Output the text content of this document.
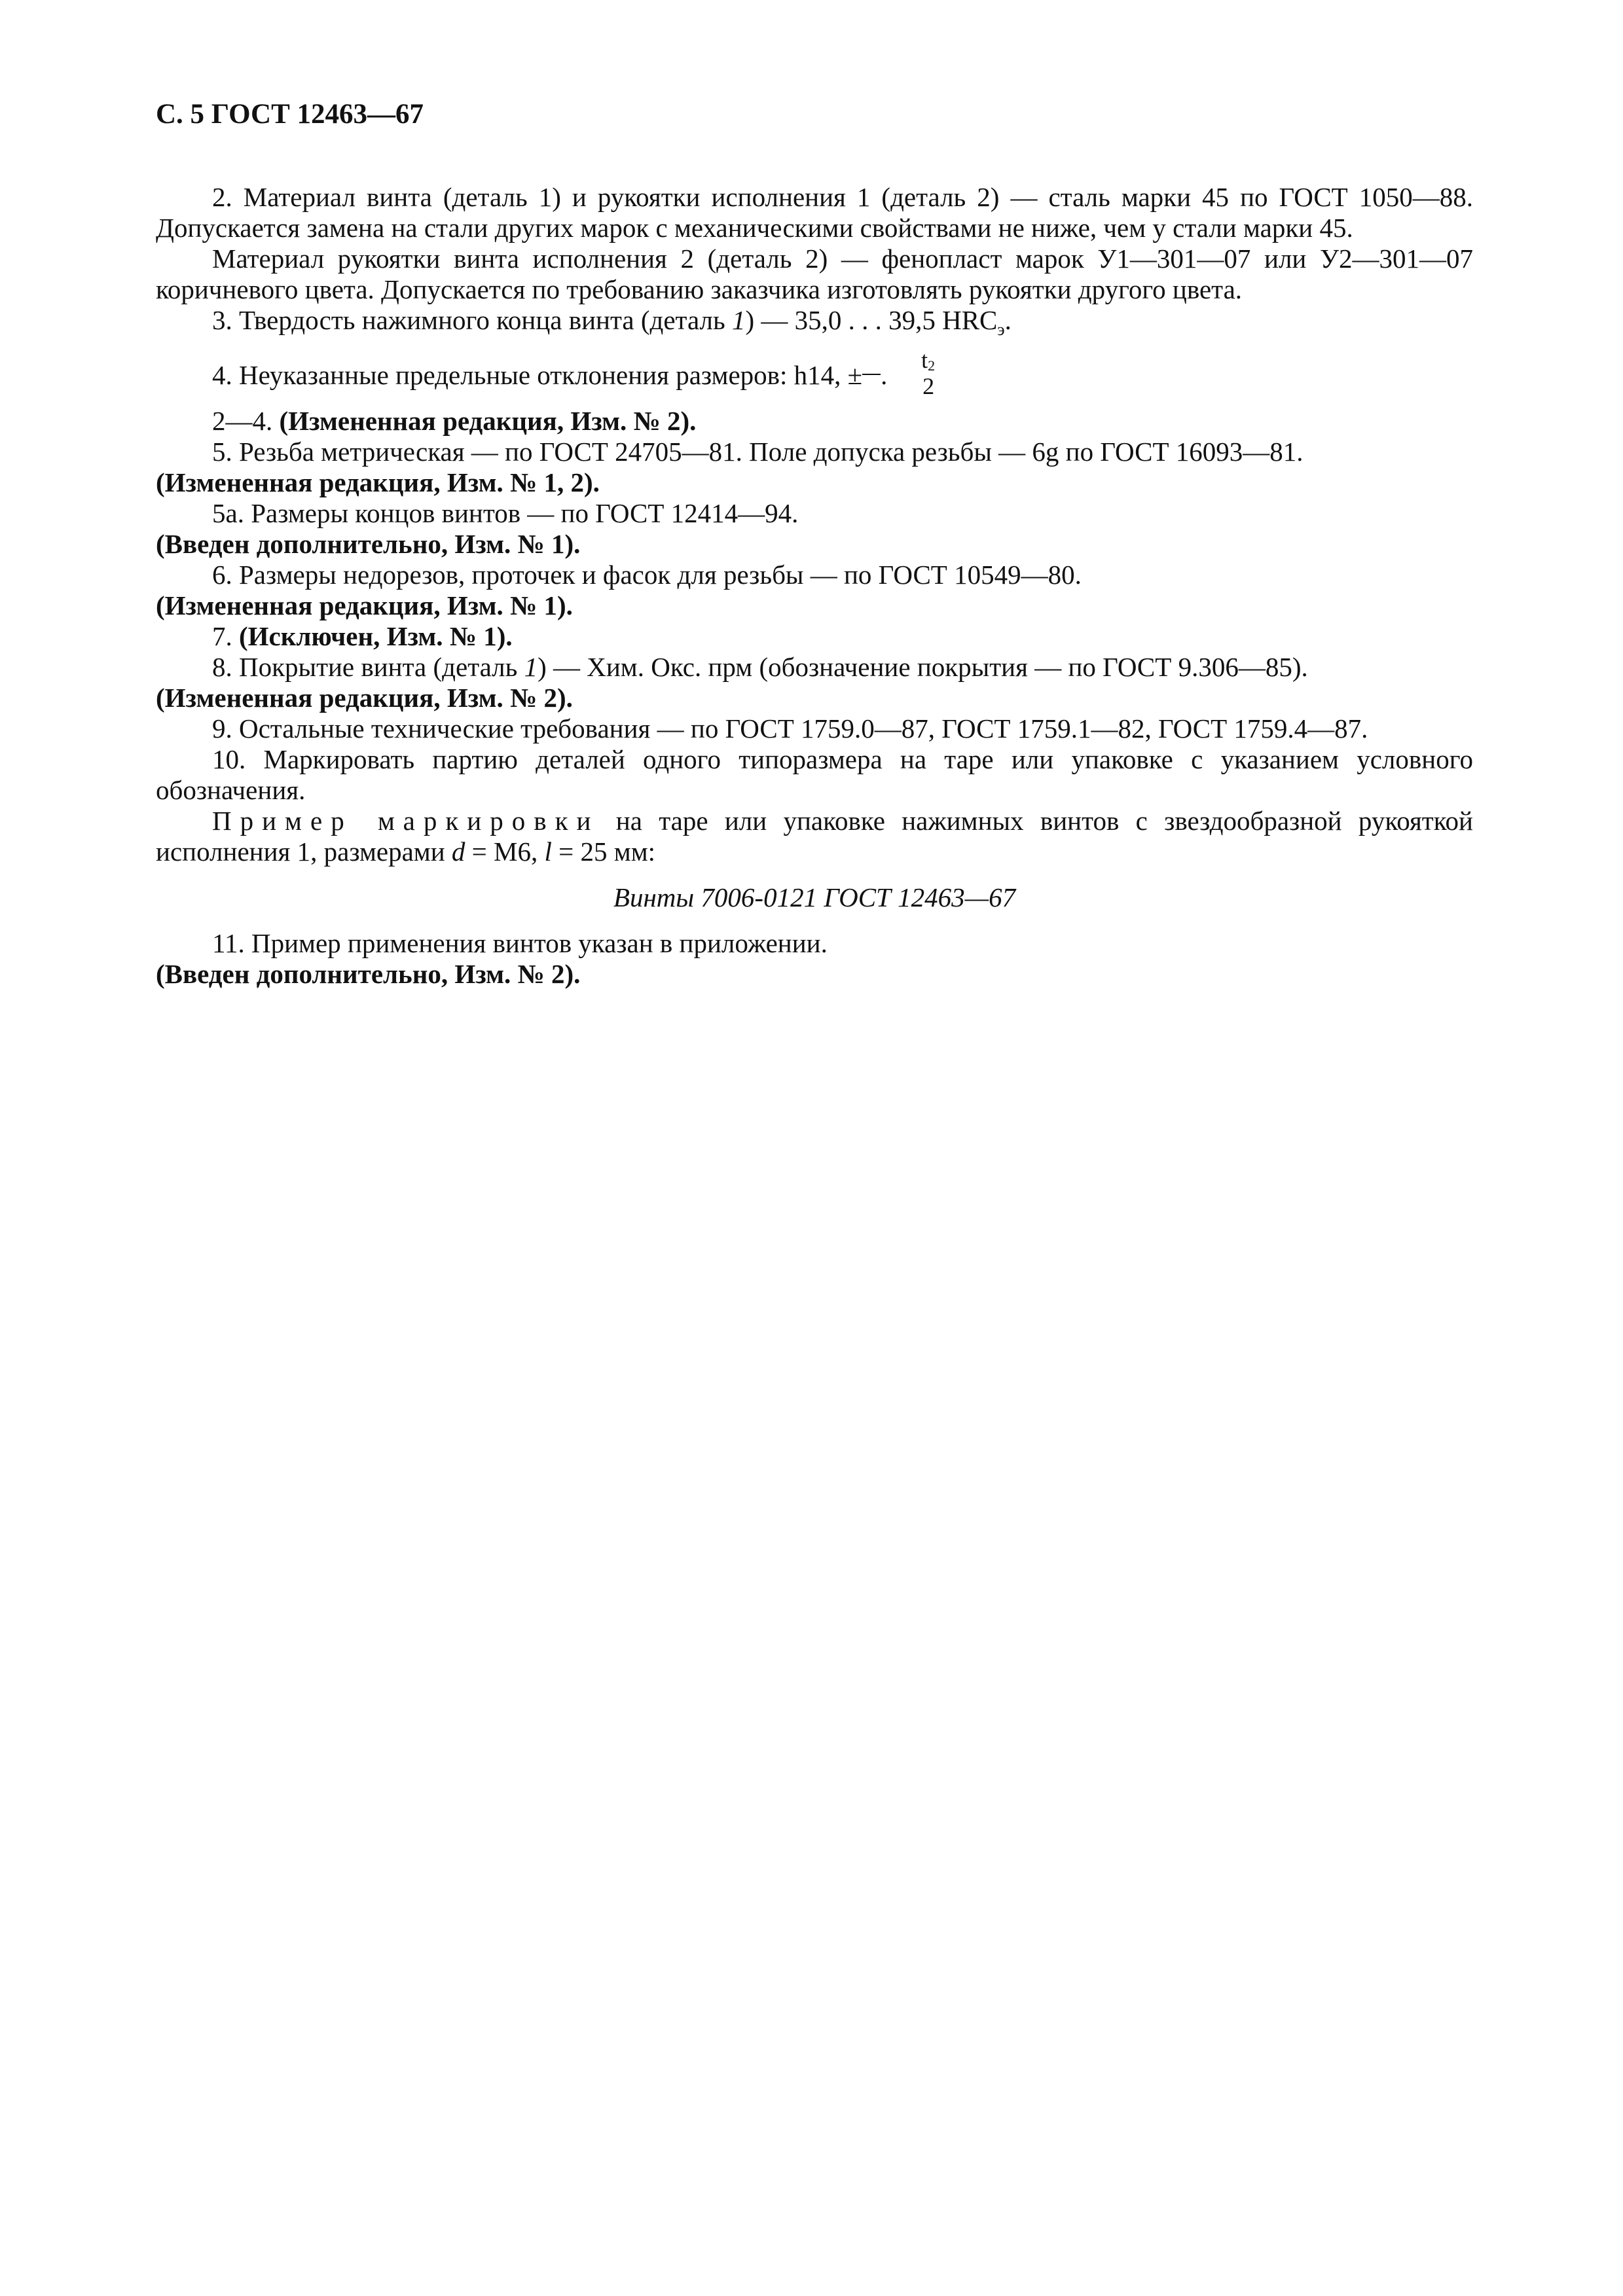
С. 5 ГОСТ 12463—67

2. Материал винта (деталь 1) и рукоятки исполнения 1 (деталь 2) — сталь марки 45 по ГОСТ 1050—88. Допускается замена на стали других марок с механическими свойствами не ниже, чем у стали марки 45.

Материал рукоятки винта исполнения 2 (деталь 2) — фенопласт марок У1—301—07 или У2—301—07 коричневого цвета. Допускается по требованию заказчика изготовлять рукоятки другого цвета.

3. Твердость нажимного конца винта (деталь 1) — 35,0 . . . 39,5 $HRC_э$.

4. Неуказанные предельные отклонения размеров: h14, ± $\frac{t_2}{2}$ .

2—4. (Измененная редакция, Изм. № 2).

5. Резьба метрическая — по ГОСТ 24705—81. Поле допуска резьбы — 6g по ГОСТ 16093—81.

(Измененная редакция, Изм. № 1, 2).

5а. Размеры концов винтов — по ГОСТ 12414—94.

(Введен дополнительно, Изм. № 1).

6. Размеры недорезов, проточек и фасок для резьбы — по ГОСТ 10549—80.

(Измененная редакция, Изм. № 1).

7. (Исключен, Изм. № 1).

8. Покрытие винта (деталь 1) — Хим. Окс. прм (обозначение покрытия — по ГОСТ 9.306—85).

(Измененная редакция, Изм. № 2).

9. Остальные технические требования — по ГОСТ 1759.0—87, ГОСТ 1759.1—82, ГОСТ 1759.4—87.

10. Маркировать партию деталей одного типоразмера на таре или упаковке с указанием условного обозначения.

Пример маркировки на таре или упаковке нажимных винтов с звездообразной рукояткой исполнения 1, размерами d = М6, l = 25 мм:

Винты 7006-0121 ГОСТ 12463—67

11. Пример применения винтов указан в приложении.

(Введен дополнительно, Изм. № 2).
